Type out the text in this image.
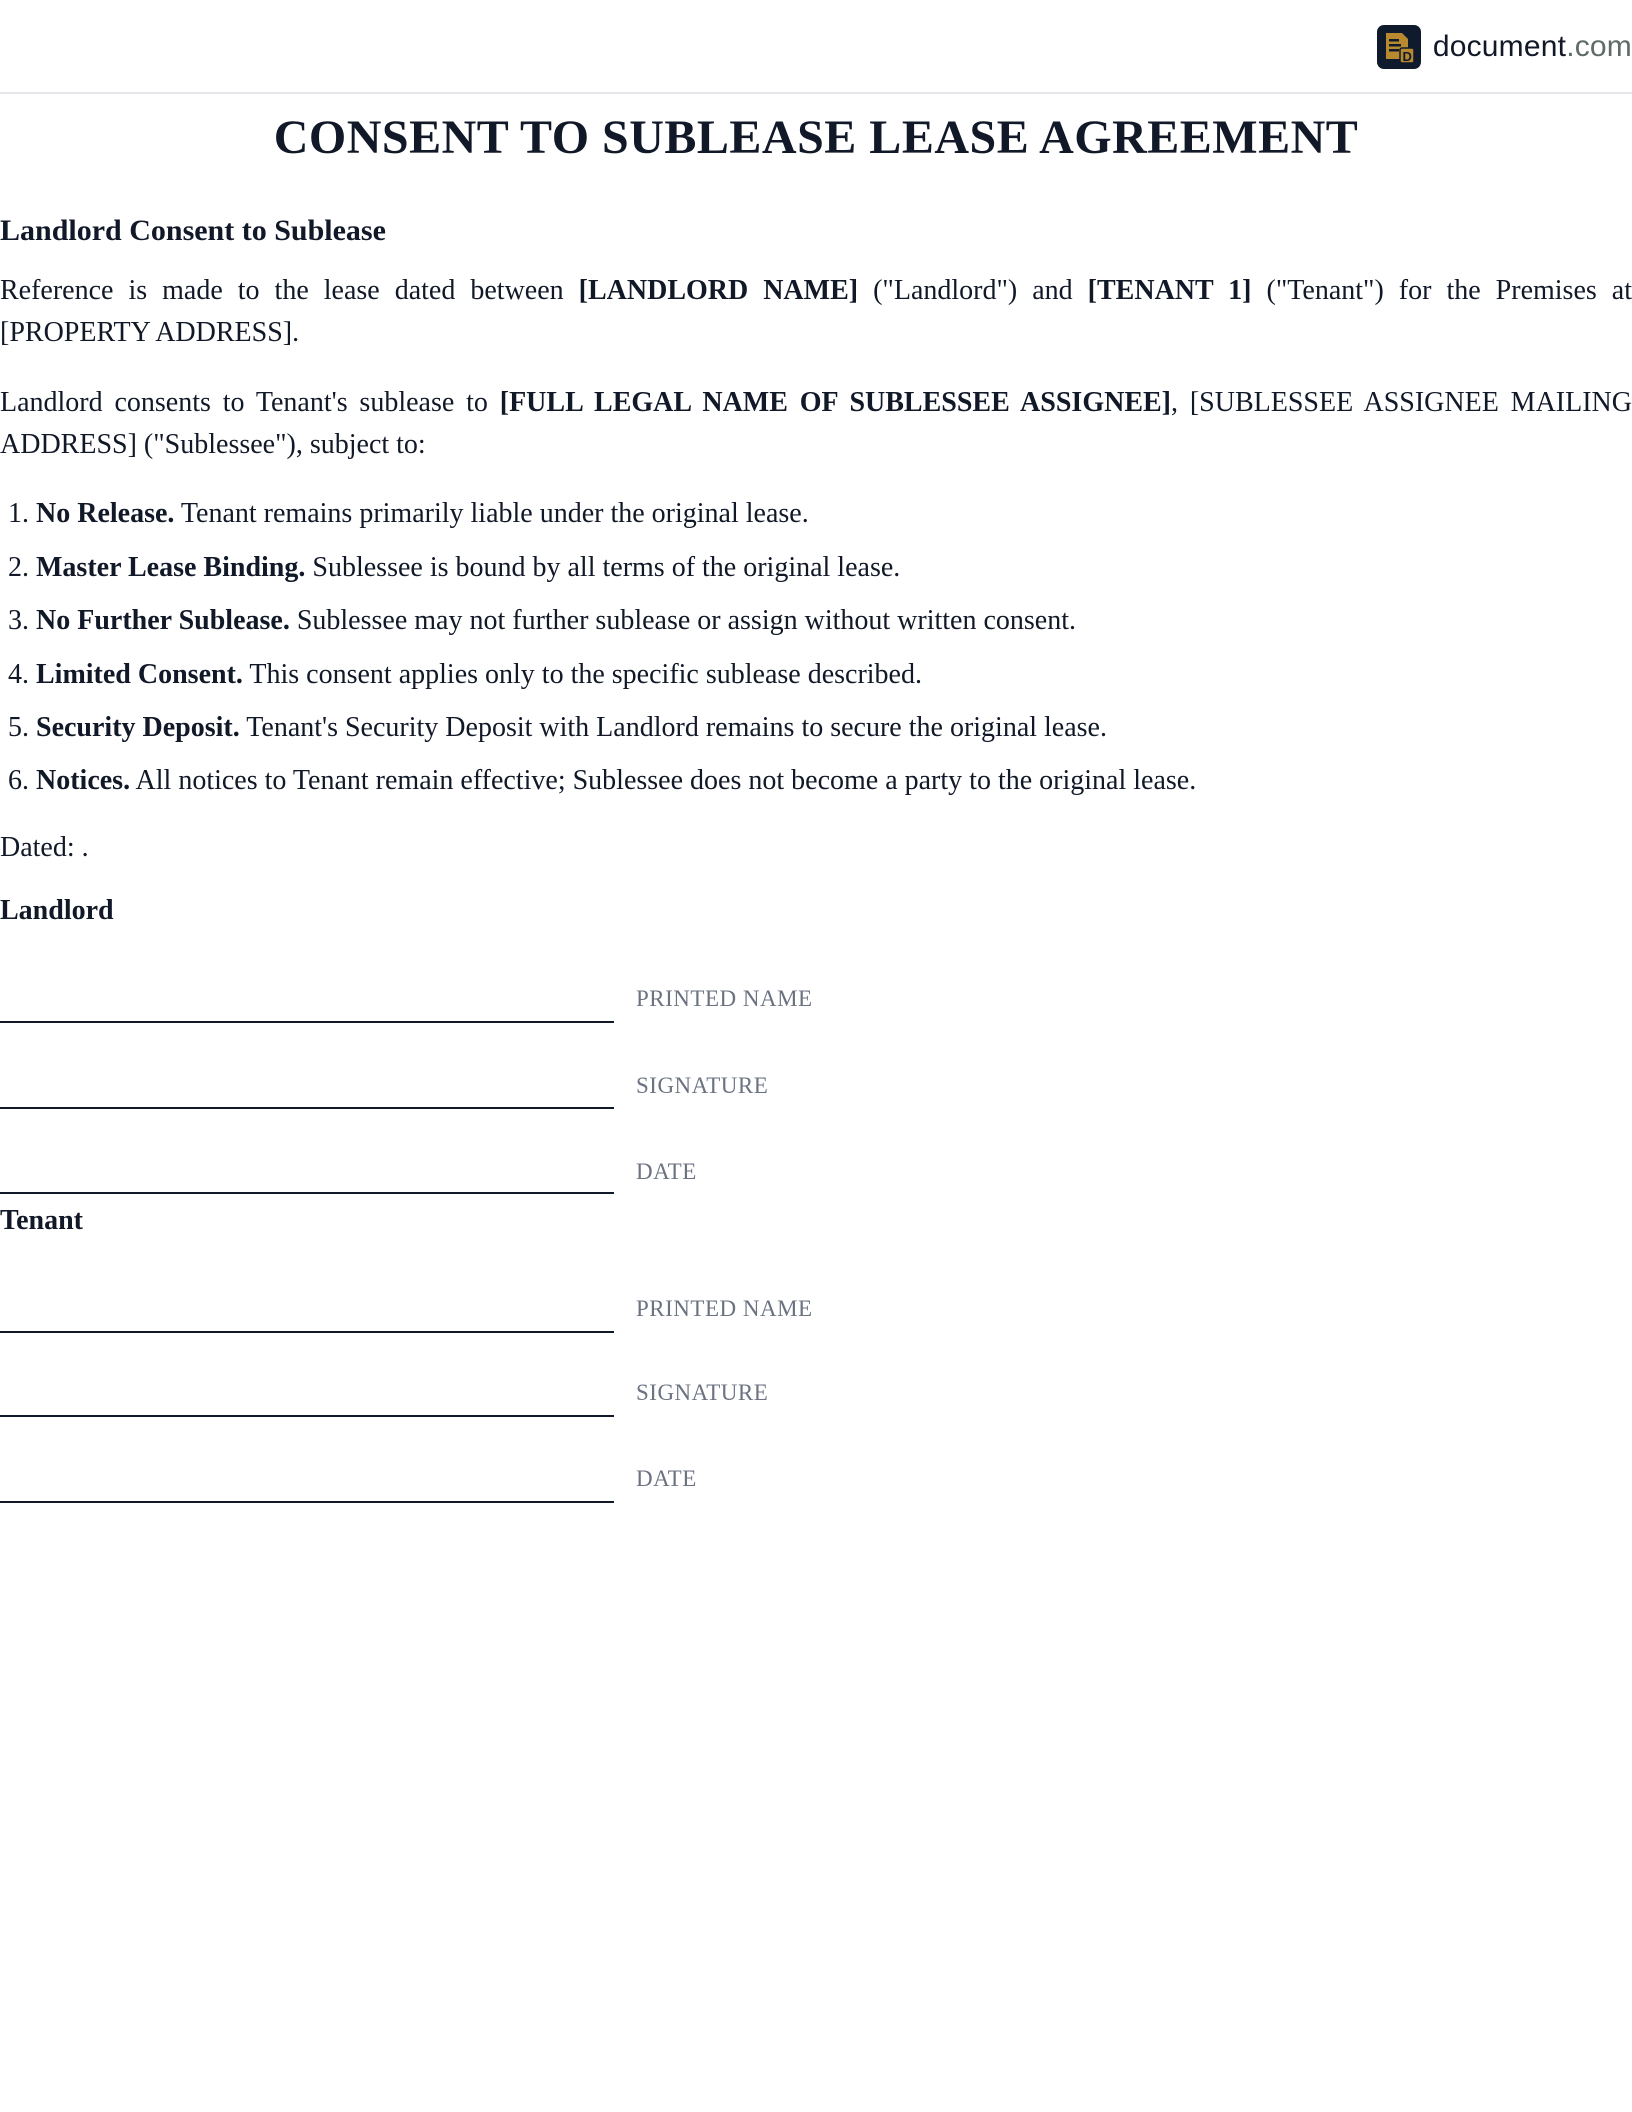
D document.com
CONSENT TO SUBLEASE LEASE AGREEMENT
Landlord Consent to Sublease

Reference is made to the lease dated between [LANDLORD NAME] ("Landlord") and [TENANT 1] ("Tenant") for the Premises at [PROPERTY ADDRESS].

Landlord consents to Tenant's sublease to [FULL LEGAL NAME OF SUBLESSEE ASSIGNEE], [SUBLESSEE ASSIGNEE MAILING ADDRESS] ("Sublessee"), subject to:

1. No Release. Tenant remains primarily liable under the original lease.
2. Master Lease Binding. Sublessee is bound by all terms of the original lease.
3. No Further Sublease. Sublessee may not further sublease or assign without written consent.
4. Limited Consent. This consent applies only to the specific sublease described.
5. Security Deposit. Tenant's Security Deposit with Landlord remains to secure the original lease.
6. Notices. All notices to Tenant remain effective; Sublessee does not become a party to the original lease.
Dated: .
Landlord
PRINTED NAME
SIGNATURE
DATE
Tenant
PRINTED NAME
SIGNATURE
DATE
